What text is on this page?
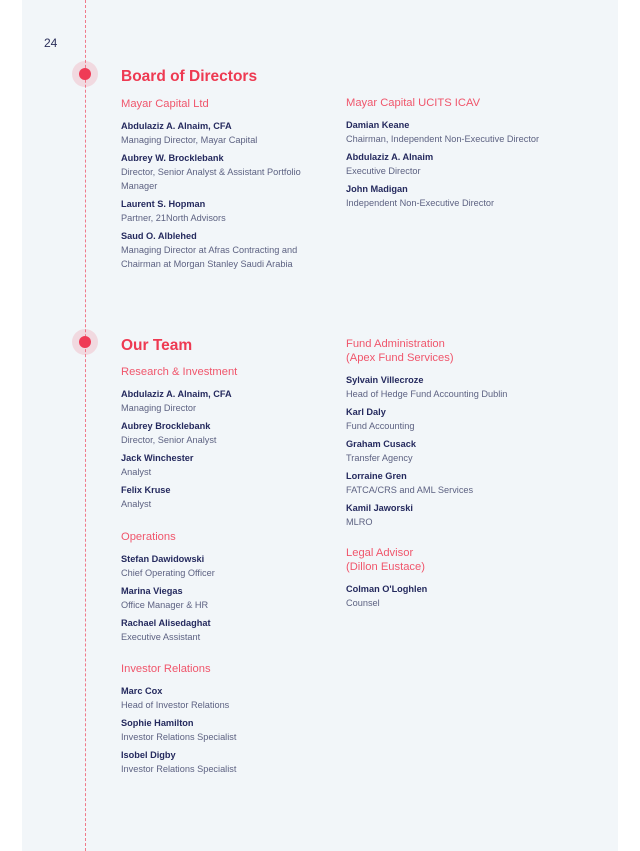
24
Board of Directors

Mayar Capital Ltd

Abdulaziz A. Alnaim, CFA
Managing Director, Mayar Capital
Aubrey W. Brocklebank
Director, Senior Analyst & Assistant Portfolio Manager
Laurent S. Hopman
Partner, 21North Advisors
Saud O. Alblehed
Managing Director at Afras Contracting and Chairman at Morgan Stanley Saudi Arabia

Mayar Capital UCITS ICAV

Damian Keane
Chairman, Independent Non-Executive Director
Abdulaziz A. Alnaim
Executive Director
John Madigan
Independent Non-Executive Director
Our Team

Research & Investment

Abdulaziz A. Alnaim, CFA
Managing Director
Aubrey Brocklebank
Director, Senior Analyst
Jack Winchester
Analyst
Felix Kruse
Analyst

Operations

Stefan Dawidowski
Chief Operating Officer
Marina Viegas
Office Manager & HR
Rachael Alisedaghat
Executive Assistant

Investor Relations

Marc Cox
Head of Investor Relations
Sophie Hamilton
Investor Relations Specialist
Isobel Digby
Investor Relations Specialist

Fund Administration
(Apex Fund Services)

Sylvain Villecroze
Head of Hedge Fund Accounting Dublin
Karl Daly
Fund Accounting
Graham Cusack
Transfer Agency
Lorraine Gren
FATCA/CRS and AML Services
Kamil Jaworski
MLRO

Legal Advisor
(Dillon Eustace)

Colman O'Loghlen
Counsel
